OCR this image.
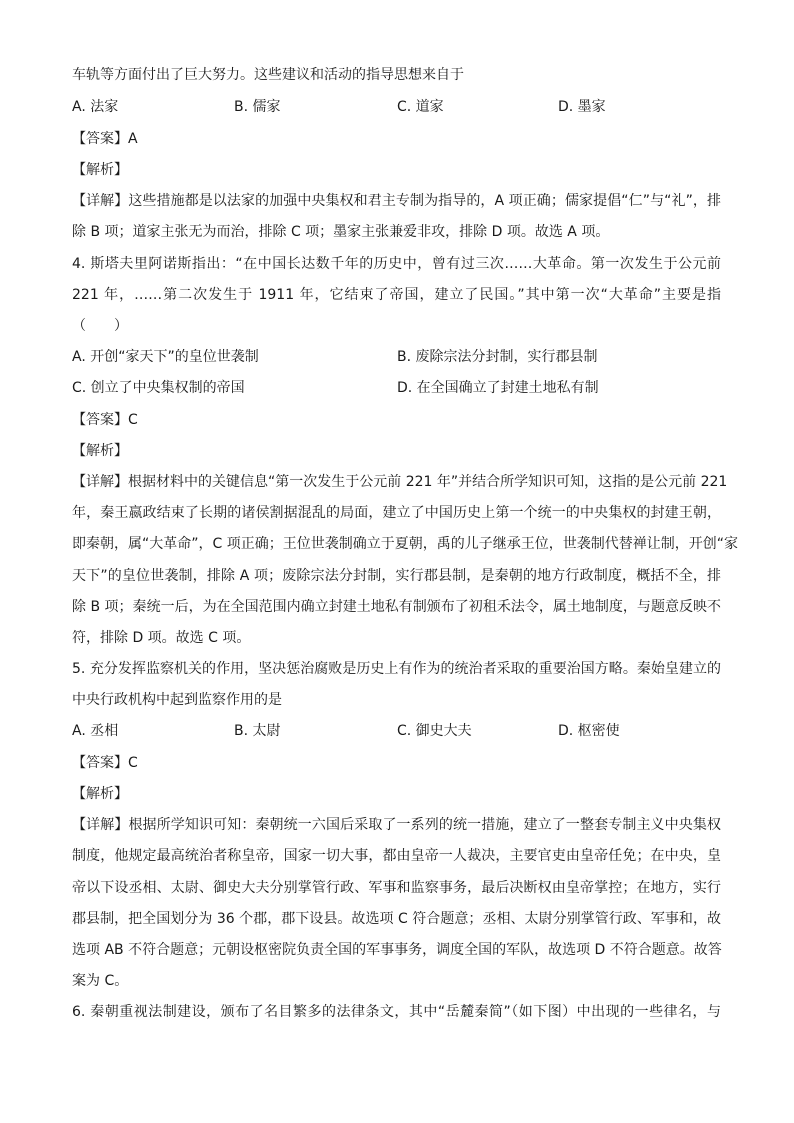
车轨等方面付出了巨大努力。这些建议和活动的指导思想来自于
A. 法家	B. 儒家	C. 道家	D. 墨家
【答案】A
【解析】
【详解】这些措施都是以法家的加强中央集权和君主专制为指导的，A 项正确；儒家提倡“仁”与“礼”，排
除 B 项；道家主张无为而治，排除 C 项；墨家主张兼爱非攻，排除 D 项。故选 A 项。
4. 斯塔夫里阿诺斯指出：“在中国长达数千年的历史中，曾有过三次……大革命。第一次发生于公元前
221 年，……第二次发生于 1911 年，它结束了帝国，建立了民国。”其中第一次“大革命”主要是指
（　　）
A. 开创“家天下”的皇位世袭制	B. 废除宗法分封制，实行郡县制
C. 创立了中央集权制的帝国	D. 在全国确立了封建土地私有制
【答案】C
【解析】
【详解】根据材料中的关键信息“第一次发生于公元前 221 年”并结合所学知识可知，这指的是公元前 221
年，秦王嬴政结束了长期的诸侯割据混乱的局面，建立了中国历史上第一个统一的中央集权的封建王朝，
即秦朝，属“大革命”，C 项正确；王位世袭制确立于夏朝，禹的儿子继承王位，世袭制代替禅让制，开创“家
天下”的皇位世袭制，排除 A 项；废除宗法分封制，实行郡县制，是秦朝的地方行政制度，概括不全，排
除 B 项；秦统一后，为在全国范围内确立封建土地私有制颁布了初租禾法令，属土地制度，与题意反映不
符，排除 D 项。故选 C 项。
5. 充分发挥监察机关的作用，坚决惩治腐败是历史上有作为的统治者采取的重要治国方略。秦始皇建立的
中央行政机构中起到监察作用的是
A. 丞相	B. 太尉	C. 御史大夫	D. 枢密使
【答案】C
【解析】
【详解】根据所学知识可知：秦朝统一六国后采取了一系列的统一措施，建立了一整套专制主义中央集权
制度，他规定最高统治者称皇帝，国家一切大事，都由皇帝一人裁决，主要官吏由皇帝任免；在中央，皇
帝以下设丞相、太尉、御史大夫分别掌管行政、军事和监察事务，最后决断权由皇帝掌控；在地方，实行
郡县制，把全国划分为 36 个郡，郡下设县。故选项 C 符合题意；丞相、太尉分别掌管行政、军事和，故
选项 AB 不符合题意；元朝设枢密院负责全国的军事事务，调度全国的军队，故选项 D 不符合题意。故答
案为 C。
6. 秦朝重视法制建设，颁布了名目繁多的法律条文，其中“岳麓秦简”（如下图）中出现的一些律名，与
